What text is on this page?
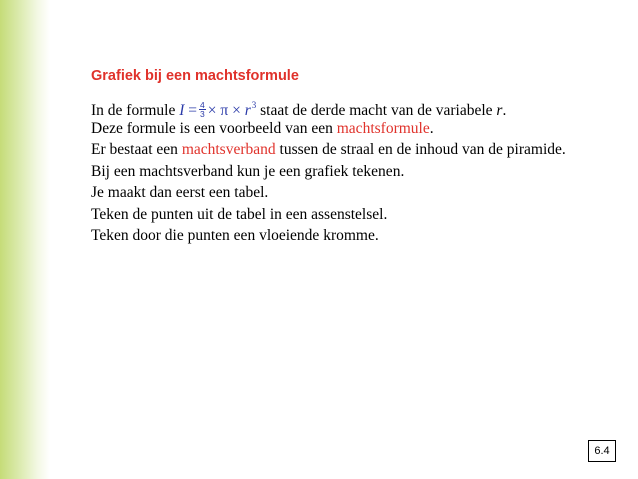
Grafiek bij een machtsformule
In de formule $I = \frac{4}{3} \times \pi \times r^3$ staat de derde macht van de variabele r.
Deze formule is een voorbeeld van een machtsformule.
Er bestaat een machtsverband tussen de straal en de inhoud van de piramide.
Bij een machtsverband kun je een grafiek tekenen.
Je maakt dan eerst een tabel.
Teken de punten uit de tabel in een assenstelsel.
Teken door die punten een vloeiende kromme.
6.4
